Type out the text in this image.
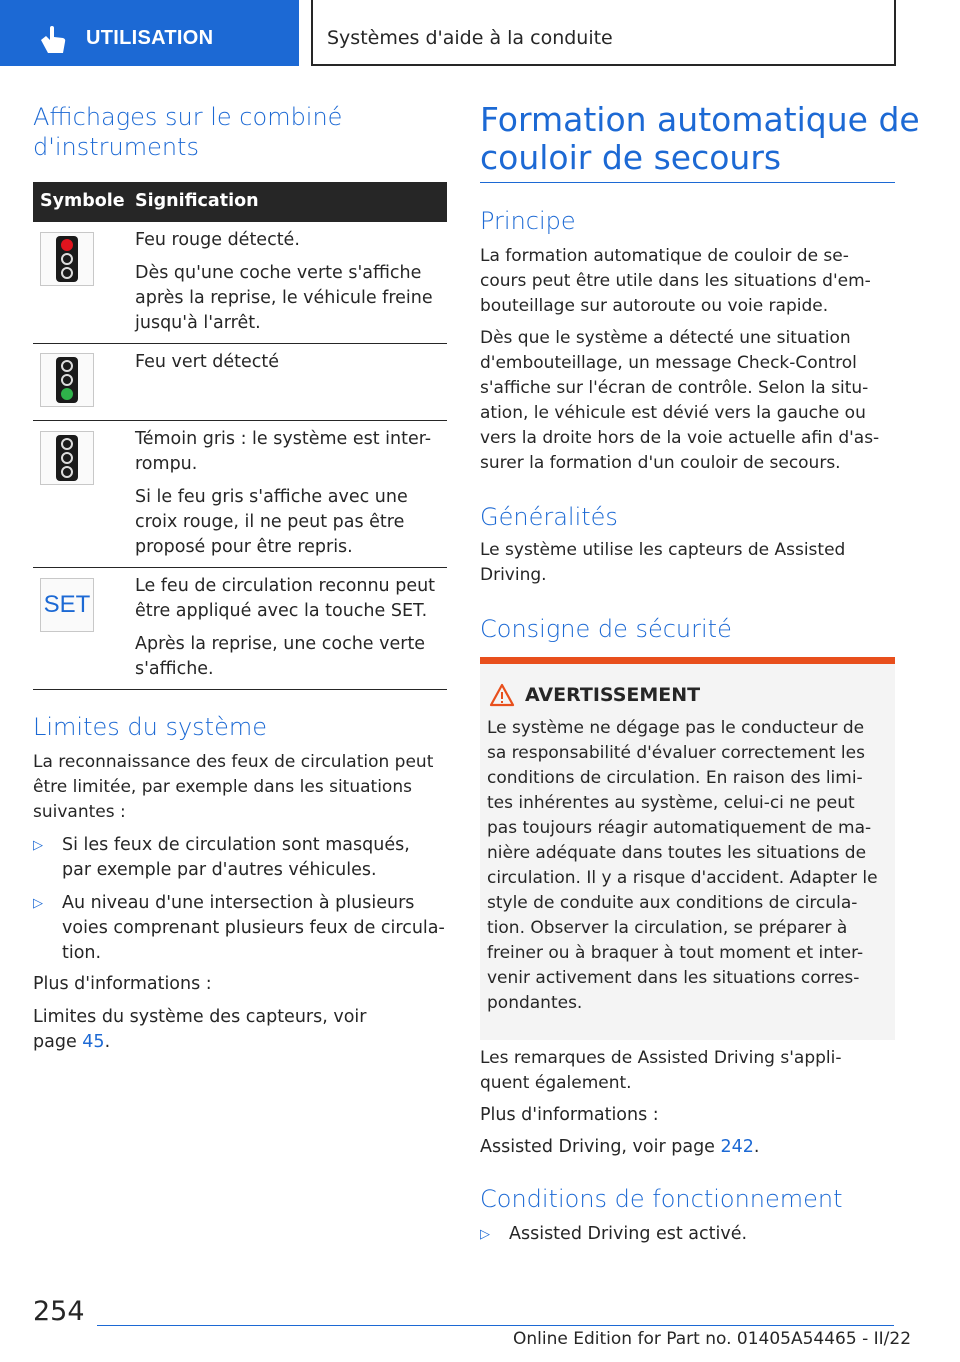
UTILISATION	Systèmes d'aide à la conduite
Affichages sur le combiné
d'instruments
Symbole Signification
Feu rouge détecté.
Dès qu'une coche verte s'affiche
après la reprise, le véhicule freine
jusqu'à l'arrêt.
Feu vert détecté
Témoin gris : le système est inter-
rompu.
Si le feu gris s'affiche avec une
croix rouge, il ne peut pas être
proposé pour être repris.
SET
Le feu de circulation reconnu peut
être appliqué avec la touche SET.
Après la reprise, une coche verte
s'affiche.
Limites du système
La reconnaissance des feux de circulation peut
être limitée, par exemple dans les situations
suivantes :
▷ Si les feux de circulation sont masqués,
par exemple par d'autres véhicules.
▷ Au niveau d'une intersection à plusieurs
voies comprenant plusieurs feux de circula-
tion.
Plus d'informations :
Limites du système des capteurs, voir
page 45.
Formation automatique de
couloir de secours
Principe
La formation automatique de couloir de se-
cours peut être utile dans les situations d'em-
bouteillage sur autoroute ou voie rapide.
Dès que le système a détecté une situation
d'embouteillage, un message Check-Control
s'affiche sur l'écran de contrôle. Selon la situ-
ation, le véhicule est dévié vers la gauche ou
vers la droite hors de la voie actuelle afin d'as-
surer la formation d'un couloir de secours.
Généralités
Le système utilise les capteurs de Assisted
Driving.
Consigne de sécurité
AVERTISSEMENT
Le système ne dégage pas le conducteur de
sa responsabilité d'évaluer correctement les
conditions de circulation. En raison des limi-
tes inhérentes au système, celui-ci ne peut
pas toujours réagir automatiquement de ma-
nière adéquate dans toutes les situations de
circulation. Il y a risque d'accident. Adapter le
style de conduite aux conditions de circula-
tion. Observer la circulation, se préparer à
freiner ou à braquer à tout moment et inter-
venir activement dans les situations corres-
pondantes.
Les remarques de Assisted Driving s'appli-
quent également.
Plus d'informations :
Assisted Driving, voir page 242.
Conditions de fonctionnement
▷ Assisted Driving est activé.
254
Online Edition for Part no. 01405A54465 - II/22
